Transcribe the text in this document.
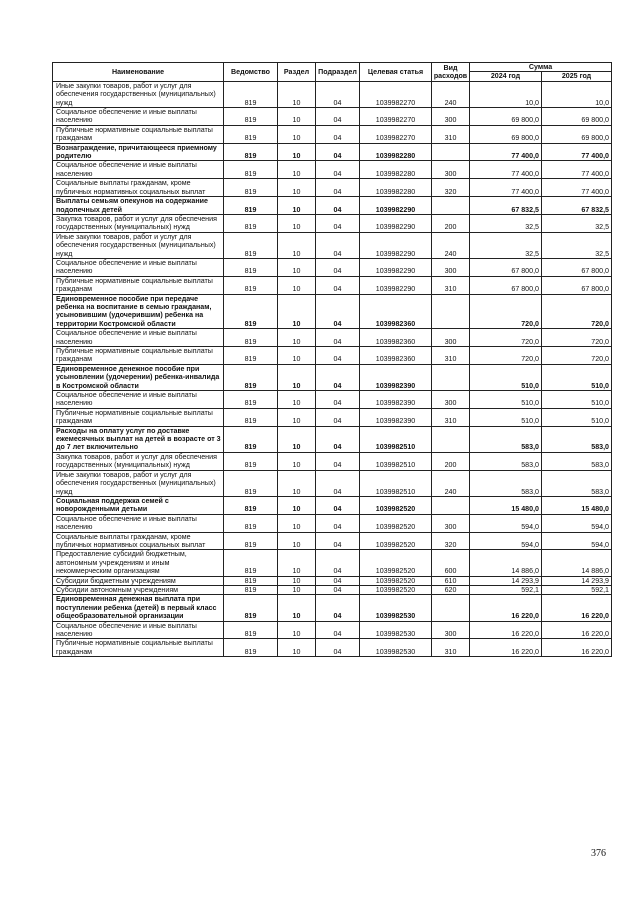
Наименование	Ведомство	Раздел	Подраздел	Целевая статья	Вид расходов	Сумма	
						2024 год	2025 год
Иные закупки товаров, работ и услуг для обеспечения государственных (муниципальных) нужд	819	10	04	1039982270	240	10,0	10,0
Социальное обеспечение и иные выплаты населению	819	10	04	1039982270	300	69 800,0	69 800,0
Публичные нормативные социальные выплаты гражданам	819	10	04	1039982270	310	69 800,0	69 800,0
Вознаграждение, причитающееся приемному родителю	819	10	04	1039982280		77 400,0	77 400,0
Социальное обеспечение и иные выплаты населению	819	10	04	1039982280	300	77 400,0	77 400,0
Социальные выплаты гражданам, кроме публичных нормативных социальных выплат	819	10	04	1039982280	320	77 400,0	77 400,0
Выплаты семьям опекунов на содержание подопечных детей	819	10	04	1039982290		67 832,5	67 832,5
Закупка товаров, работ и услуг для обеспечения государственных (муниципальных) нужд	819	10	04	1039982290	200	32,5	32,5
Иные закупки товаров, работ и услуг для обеспечения государственных (муниципальных) нужд	819	10	04	1039982290	240	32,5	32,5
Социальное обеспечение и иные выплаты населению	819	10	04	1039982290	300	67 800,0	67 800,0
Публичные нормативные социальные выплаты гражданам	819	10	04	1039982290	310	67 800,0	67 800,0
Единовременное пособие при передаче ребенка на воспитание в семью гражданам, усыновившим (удочерившим) ребенка на территории Костромской области	819	10	04	1039982360		720,0	720,0
Социальное обеспечение и иные выплаты населению	819	10	04	1039982360	300	720,0	720,0
Публичные нормативные социальные выплаты гражданам	819	10	04	1039982360	310	720,0	720,0
Единовременное денежное пособие при усыновлении (удочерении) ребенка-инвалида в Костромской области	819	10	04	1039982390		510,0	510,0
Социальное обеспечение и иные выплаты населению	819	10	04	1039982390	300	510,0	510,0
Публичные нормативные социальные выплаты гражданам	819	10	04	1039982390	310	510,0	510,0
Расходы на оплату услуг по доставке ежемесячных выплат на детей в возрасте от 3 до 7 лет включительно	819	10	04	1039982510		583,0	583,0
Закупка товаров, работ и услуг для обеспечения государственных (муниципальных) нужд	819	10	04	1039982510	200	583,0	583,0
Иные закупки товаров, работ и услуг для обеспечения государственных (муниципальных) нужд	819	10	04	1039982510	240	583,0	583,0
Социальная поддержка семей с новорожденными детьми	819	10	04	1039982520		15 480,0	15 480,0
Социальное обеспечение и иные выплаты населению	819	10	04	1039982520	300	594,0	594,0
Социальные выплаты гражданам, кроме публичных нормативных социальных выплат	819	10	04	1039982520	320	594,0	594,0
Предоставление субсидий бюджетным, автономным учреждениям и иным некоммерческим организациям	819	10	04	1039982520	600	14 886,0	14 886,0
Субсидии бюджетным учреждениям	819	10	04	1039982520	610	14 293,9	14 293,9
Субсидии автономным учреждениям	819	10	04	1039982520	620	592,1	592,1
Единовременная денежная выплата при поступлении ребенка (детей) в первый класс общеобразовательной организации	819	10	04	1039982530		16 220,0	16 220,0
Социальное обеспечение и иные выплаты населению	819	10	04	1039982530	300	16 220,0	16 220,0
Публичные нормативные социальные выплаты гражданам	819	10	04	1039982530	310	16 220,0	16 220,0
376
